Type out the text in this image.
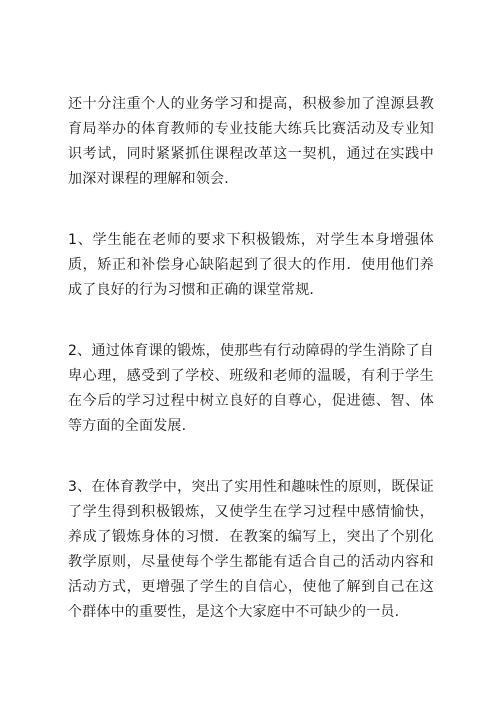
还十分注重个人的业务学习和提高，积极参加了湟源县教育局举办的体育教师的专业技能大练兵比赛活动及专业知识考试，同时紧紧抓住课程改革这一契机，通过在实践中加深对课程的理解和领会.

1、学生能在老师的要求下积极锻炼，对学生本身增强体质，矫正和补偿身心缺陷起到了很大的作用．使用他们养成了良好的行为习惯和正确的课堂常规.

2、通过体育课的锻炼，使那些有行动障碍的学生消除了自卑心理，感受到了学校、班级和老师的温暖，有利于学生在今后的学习过程中树立良好的自尊心，促进德、智、体等方面的全面发展.

3、在体育教学中，突出了实用性和趣味性的原则，既保证了学生得到积极锻炼，又使学生在学习过程中感情愉快，养成了锻炼身体的习惯．在教案的编写上，突出了个别化教学原则，尽量使每个学生都能有适合自己的活动内容和活动方式，更增强了学生的自信心，使他了解到自己在这个群体中的重要性，是这个大家庭中不可缺少的一员.
